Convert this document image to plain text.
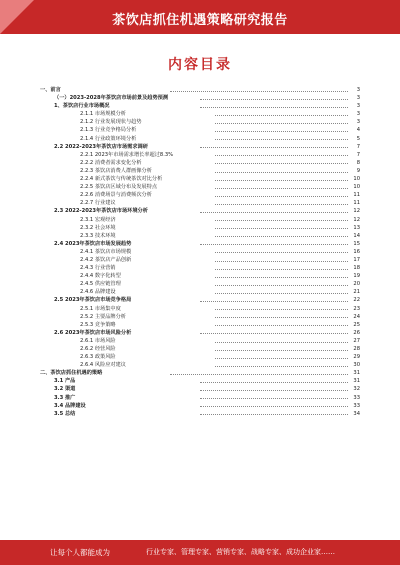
茶饮店抓住机遇策略研究报告
内容目录
一、前言	3
（一）2023-2028年茶饮店市场前景及趋势预测	3
1、茶饮店行业市场概况	3
2.1.1 市场规模分析	3
2.1.2 行业发展现状与趋势	3
2.1.3 行业竞争格局分析	4
2.1.4 行业政策环境分析	5
2.2 2022-2023年茶饮店市场需求调研	7
2.2.1 2023年市场需求增长率超过8.3%	7
2.2.2 消费者需求变化分析	8
2.2.3 茶饮店消费人群画像分析	9
2.2.4 新式茶饮与传统茶饮对比分析	10
2.2.5 茶饮店区域分布及发展特点	10
2.2.6 消费场景与消费频次分析	11
2.2.7 行业建议	11
2.3 2022-2023年茶饮店市场环境分析	12
2.3.1 宏观经济	12
2.3.2 社会环境	13
2.3.3 技术环境	14
2.4 2023年茶饮店市场发展趋势	15
2.4.1 茶饮店市场规模	16
2.4.2 茶饮店产品创新	17
2.4.3 行业营销	18
2.4.4 数字化转型	19
2.4.5 供应链管理	20
2.4.6 品牌建设	21
2.5 2023年茶饮店市场竞争格局	22
2.5.1 市场集中度	23
2.5.2 主要品牌分析	24
2.5.3 竞争策略	25
2.6 2023年茶饮店市场风险分析	26
2.6.1 市场风险	27
2.6.2 经营风险	28
2.6.3 政策风险	29
2.6.4 风险应对建议	30
二、茶饮店抓住机遇的策略	31
3.1 产品	31
3.2 渠道	32
3.3 推广	33
3.4 品牌建设	33
3.5 总结	34
让每个人都能成为	行业专家、管理专家、营销专家、战略专家、成功企业家……
